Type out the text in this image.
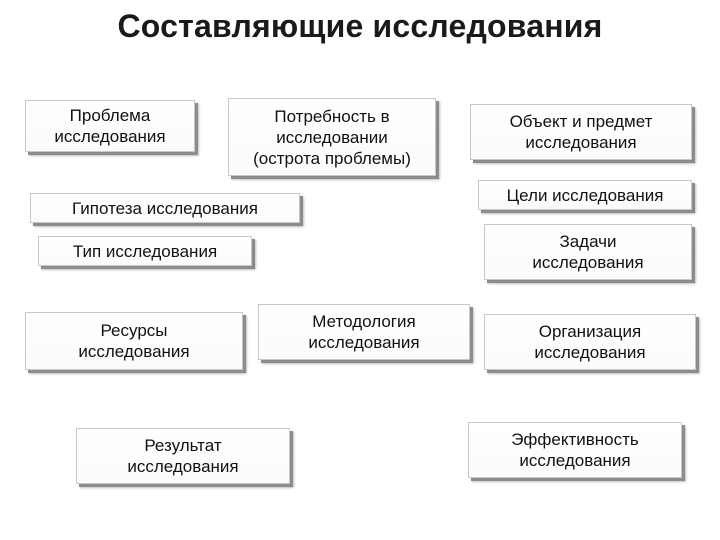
Составляющие исследования
Проблема
исследования
Потребность в
исследовании
(острота проблемы)
Объект и предмет
исследования
Гипотеза исследования
Цели исследования
Тип исследования	Задачи
исследования
Ресурсы
исследования
Методология
исследования
Организация
исследования
Результат
исследования
Эффективность
исследования
